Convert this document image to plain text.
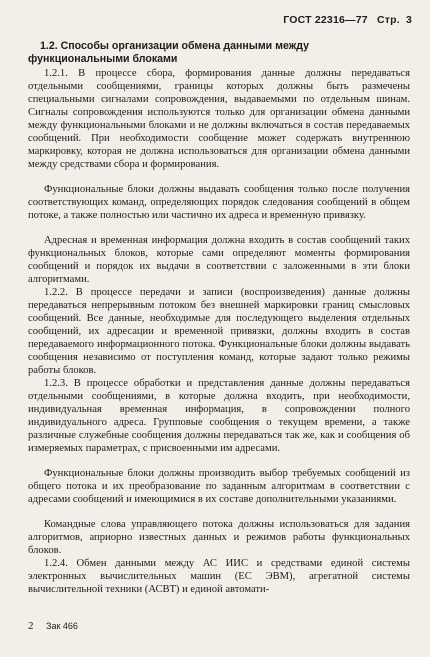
ГОСТ 22316—77 Стр. 3
1.2. Способы организации обмена данными между функциональными блоками

1.2.1. В процессе сбора, формирования данные должны передаваться отдельными сообщениями, границы которых должны быть размечены специальными сигналами сопровождения, выдаваемыми по отдельным шинам. Сигналы сопровождения используются только для организации обмена данными между функциональными блоками и не должны включаться в состав передаваемых сообщений. При необходимости сообщение может содержать внутреннюю маркировку, которая не должна использоваться для организации обмена данными между средствами сбора и формирования.

Функциональные блоки должны выдавать сообщения только после получения соответствующих команд, определяющих порядок следования сообщений в общем потоке, а также полностью или частично их адреса и временную привязку.

Адресная и временная информация должна входить в состав сообщений таких функциональных блоков, которые сами определяют моменты формирования сообщений и порядок их выдачи в соответствии с заложенными в эти блоки алгоритмами.

1.2.2. В процессе передачи и записи (воспроизведения) данные должны передаваться непрерывным потоком без внешней маркировки границ смысловых сообщений. Все данные, необходимые для последующего выделения отдельных сообщений, их адресации и временной привязки, должны входить в состав передаваемого информационного потока. Функциональные блоки должны выдавать сообщения независимо от поступления команд, которые задают только режимы работы блоков.

1.2.3. В процессе обработки и представления данные должны передаваться отдельными сообщениями, в которые должна входить, при необходимости, индивидуальная временная информация, в сопровождении полного индивидуального адреса. Групповые сообщения о текущем времени, а также различные служебные сообщения должны передаваться так же, как и сообщения об измеряемых параметрах, с присвоенными им адресами.

Функциональные блоки должны производить выбор требуемых сообщений из общего потока и их преобразование по заданным алгоритмам в соответствии с адресами сообщений и имеющимися в их составе дополнительными указаниями.

Командные слова управляющего потока должны использоваться для задания алгоритмов, априорно известных данных и режимов работы функциональных блоков.

1.2.4. Обмен данными между АС ИИС и средствами единой системы электронных вычислительных машин (ЕС ЭВМ), агрегатной системы вычислительной техники (АСВТ) и единой автомати-

2 Зак 466
